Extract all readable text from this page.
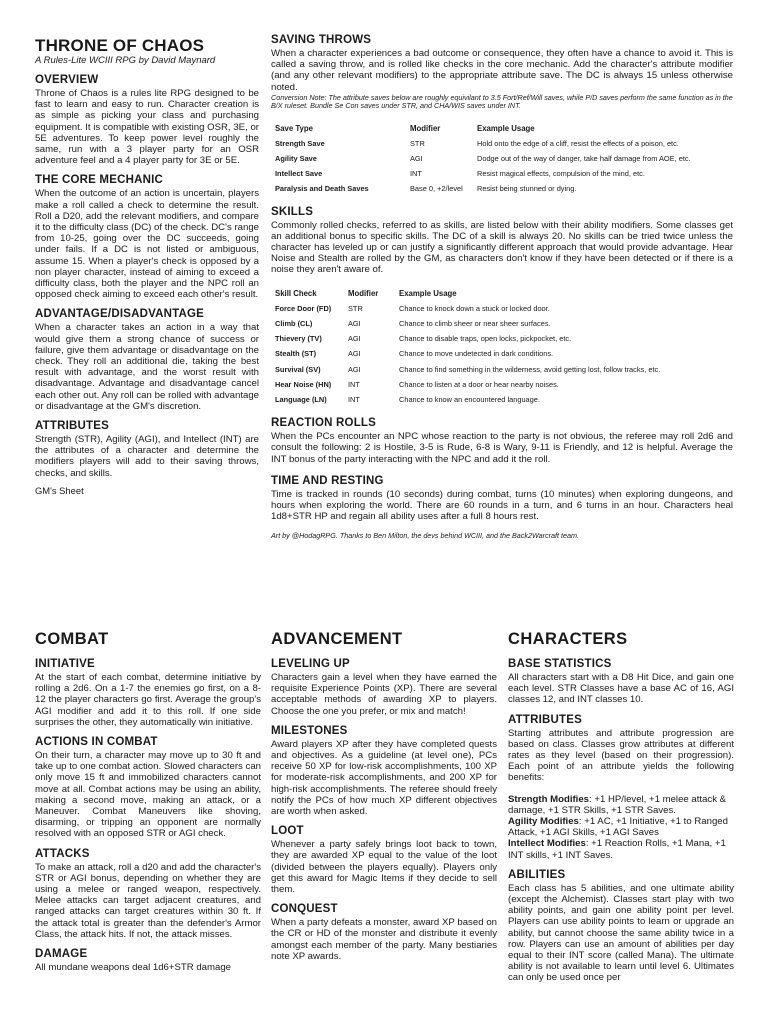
THRONE OF CHAOS
A Rules-Lite WCIII RPG by David Maynard
OVERVIEW

Throne of Chaos is a rules lite RPG designed to be fast to learn and easy to run. Character creation is as simple as picking your class and purchasing equipment. It is compatible with existing OSR, 3E, or 5E adventures. To keep power level roughly the same, run with a 3 player party for an OSR adventure feel and a 4 player party for 3E or 5E.

THE CORE MECHANIC

When the outcome of an action is uncertain, players make a roll called a check to determine the result. Roll a D20, add the relevant modifiers, and compare it to the difficulty class (DC) of the check. DC's range from 10-25, going over the DC succeeds, going under fails. If a DC is not listed or ambiguous, assume 15. When a player's check is opposed by a non player character, instead of aiming to exceed a difficulty class, both the player and the NPC roll an opposed check aiming to exceed each other's result.

ADVANTAGE/DISADVANTAGE

When a character takes an action in a way that would give them a strong chance of success or failure, give them advantage or disadvantage on the check. They roll an additional die, taking the best result with advantage, and the worst result with disadvantage. Advantage and disadvantage cancel each other out. Any roll can be rolled with advantage or disadvantage at the GM's discretion.

ATTRIBUTES

Strength (STR), Agility (AGI), and Intellect (INT) are the attributes of a character and determine the modifiers players will add to their saving throws, checks, and skills.

GM's Sheet
SAVING THROWS

When a character experiences a bad outcome or consequence, they often have a chance to avoid it. This is called a saving throw, and is rolled like checks in the core mechanic. Add the character's attribute modifier (and any other relevant modifiers) to the appropriate attribute save. The DC is always 15 unless otherwise noted.

Conversion Note: The attribute saves below are roughly equivilant to 3.5 Fort/Ref/Will saves, while P/D saves perform the same function as in the B/X ruleset. Bundle Se Con saves under STR, and CHA/WIS saves under INT.
Save Type	Modifier	Example Usage
Strength Save	STR	Hold onto the edge of a cliff, resist the effects of a poison, etc.
Agility Save	AGI	Dodge out of the way of danger, take half damage from AOE, etc.
Intellect Save	INT	Resist magical effects, compulsion of the mind, etc.
Paralysis and Death Saves	Base 0, +2/level	Resist being stunned or dying.
SKILLS

Commonly rolled checks, referred to as skills, are listed below with their ability modifiers. Some classes get an additional bonus to specific skills. The DC of a skill is always 20. No skills can be tried twice unless the character has leveled up or can justify a significantly different approach that would provide advantage. Hear Noise and Stealth are rolled by the GM, as characters don't know if they have been detected or if there is a noise they aren't aware of.

Skill Check	Modifier	Example Usage
Force Door (FD)	STR	Chance to knock down a stuck or locked door.
Climb (CL)	AGI	Chance to climb sheer or near sheer surfaces.
Thievery (TV)	AGI	Chance to disable traps, open locks, pickpocket, etc.
Stealth (ST)	AGI	Chance to move undetected in dark conditions.
Survival (SV)	AGI	Chance to find something in the wilderness, avoid getting lost, follow tracks, etc.
Hear Noise (HN)	INT	Chance to listen at a door or hear nearby noises.
Language (LN)	INT	Chance to know an encountered language.
REACTION ROLLS

When the PCs encounter an NPC whose reaction to the party is not obvious, the referee may roll 2d6 and consult the following: 2 is Hostile, 3-5 is Rude, 6-8 is Wary, 9-11 is Friendly, and 12 is helpful. Average the INT bonus of the party interacting with the NPC and add it the roll.

TIME AND RESTING

Time is tracked in rounds (10 seconds) during combat, turns (10 minutes) when exploring dungeons, and hours when exploring the world. There are 60 rounds in a turn, and 6 turns in an hour. Characters heal 1d8+STR HP and regain all ability uses after a full 8 hours rest.

Art by @HodagRPG. Thanks to Ben Milton, the devs behind WCIII, and the Back2Warcraft team.
COMBAT
INITIATIVE

At the start of each combat, determine initiative by rolling a 2d6. On a 1-7 the enemies go first, on a 8-12 the player characters go first. Average the group's AGI modifier and add it to this roll. If one side surprises the other, they automatically win initiative.

ACTIONS IN COMBAT

On their turn, a character may move up to 30 ft and take up to one combat action. Slowed characters can only move 15 ft and immobilized characters cannot move at all. Combat actions may be using an ability, making a second move, making an attack, or a Maneuver. Combat Maneuvers like shoving, disarming, or tripping an opponent are normally resolved with an opposed STR or AGI check.

ATTACKS

To make an attack, roll a d20 and add the character's STR or AGI bonus, depending on whether they are using a melee or ranged weapon, respectively. Melee attacks can target adjacent creatures, and ranged attacks can target creatures within 30 ft. If the attack total is greater than the defender's Armor Class, the attack hits. If not, the attack misses.

DAMAGE

All mundane weapons deal 1d6+STR damage

ADVANCEMENT
LEVELING UP

Characters gain a level when they have earned the requisite Experience Points (XP). There are several acceptable methods of awarding XP to players. Choose the one you prefer, or mix and match!

MILESTONES

Award players XP after they have completed quests and objectives. As a guideline (at level one), PCs receive 50 XP for low-risk accomplishments, 100 XP for moderate-risk accomplishments, and 200 XP for high-risk accomplishments. The referee should freely notify the PCs of how much XP different objectives are worth when asked.

LOOT

Whenever a party safely brings loot back to town, they are awarded XP equal to the value of the loot (divided between the players equally). Players only get this award for Magic Items if they decide to sell them.

CONQUEST

When a party defeats a monster, award XP based on the CR or HD of the monster and distribute it evenly amongst each member of the party. Many bestiaries note XP awards.

CHARACTERS
BASE STATISTICS

All characters start with a D8 Hit Dice, and gain one each level. STR Classes have a base AC of 16, AGI classes 12, and INT classes 10.

ATTRIBUTES

Starting attributes and attribute progression are based on class. Classes grow attributes at different rates as they level (based on their progression). Each point of an attribute yields the following benefits:

Strength Modifies: +1 HP/level, +1 melee attack & damage, +1 STR Skills, +1 STR Saves.
Agility Modifies: +1 AC, +1 Initiative, +1 to Ranged Attack, +1 AGI Skills, +1 AGI Saves
Intellect Modifies: +1 Reaction Rolls, +1 Mana, +1 INT skills, +1 INT Saves.
ABILITIES

Each class has 5 abilities, and one ultimate ability (except the Alchemist). Classes start play with two ability points, and gain one ability point per level. Players can use ability points to learn or upgrade an ability, but cannot choose the same ability twice in a row. Players can use an amount of abilities per day equal to their INT score (called Mana). The ultimate ability is not available to learn until level 6. Ultimates can only be used once per
